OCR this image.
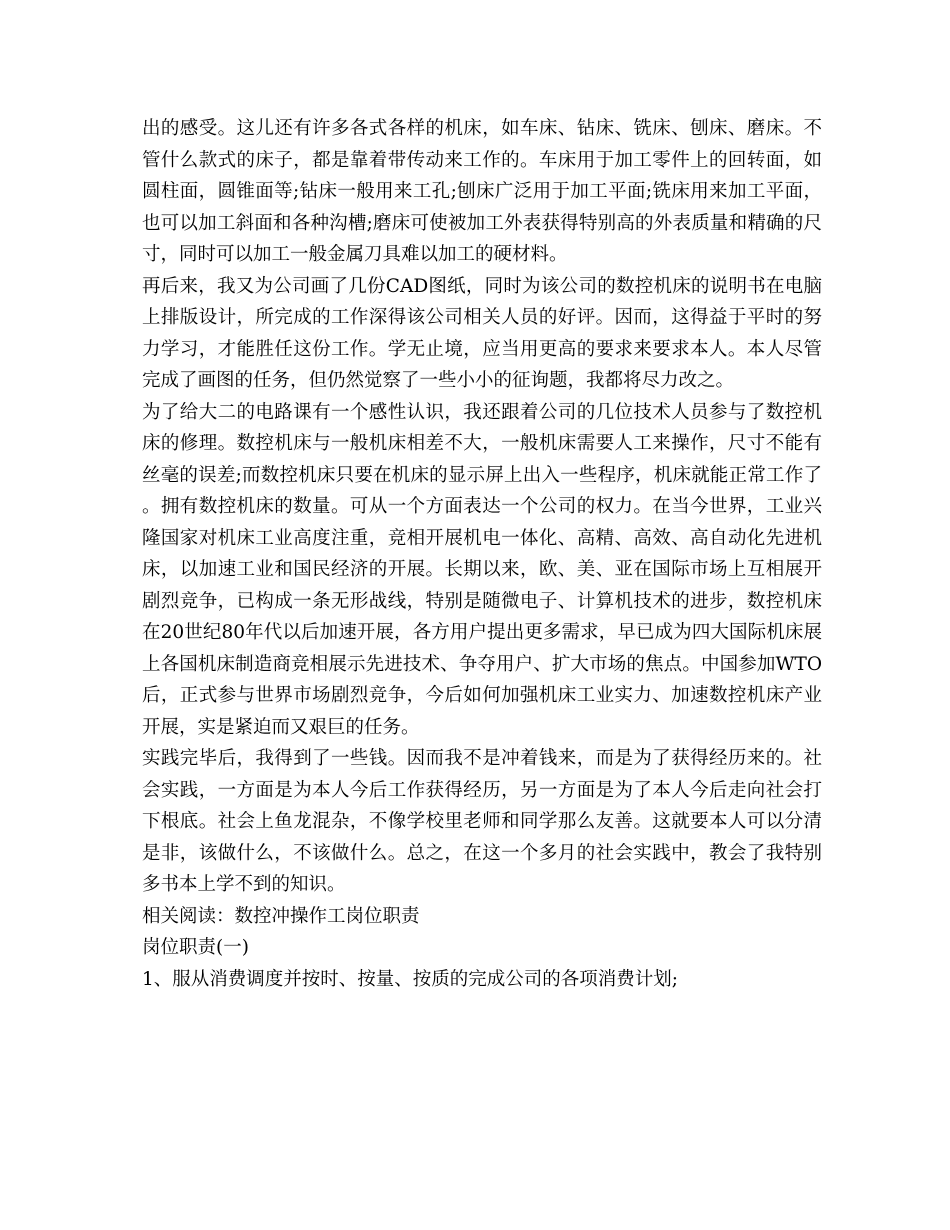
出的感受。这儿还有许多各式各样的机床，如车床、钻床、铣床、刨床、磨床。不管什么款式的床子，都是靠着带传动来工作的。车床用于加工零件上的回转面，如圆柱面，圆锥面等;钻床一般用来工孔;刨床广泛用于加工平面;铣床用来加工平面，也可以加工斜面和各种沟槽;磨床可使被加工外表获得特别高的外表质量和精确的尺寸，同时可以加工一般金属刀具难以加工的硬材料。

再后来，我又为公司画了几份CAD图纸，同时为该公司的数控机床的说明书在电脑上排版设计，所完成的工作深得该公司相关人员的好评。因而，这得益于平时的努力学习，才能胜任这份工作。学无止境，应当用更高的要求来要求本人。本人尽管完成了画图的任务，但仍然觉察了一些小小的征询题，我都将尽力改之。

为了给大二的电路课有一个感性认识，我还跟着公司的几位技术人员参与了数控机床的修理。数控机床与一般机床相差不大，一般机床需要人工来操作，尺寸不能有丝毫的误差;而数控机床只要在机床的显示屏上出入一些程序，机床就能正常工作了。拥有数控机床的数量。可从一个方面表达一个公司的权力。在当今世界，工业兴隆国家对机床工业高度注重，竞相开展机电一体化、高精、高效、高自动化先进机床，以加速工业和国民经济的开展。长期以来，欧、美、亚在国际市场上互相展开剧烈竞争，已构成一条无形战线，特别是随微电子、计算机技术的进步，数控机床在20世纪80年代以后加速开展，各方用户提出更多需求，早已成为四大国际机床展上各国机床制造商竞相展示先进技术、争夺用户、扩大市场的焦点。中国参加WTO后，正式参与世界市场剧烈竞争，今后如何加强机床工业实力、加速数控机床产业开展，实是紧迫而又艰巨的任务。

实践完毕后，我得到了一些钱。因而我不是冲着钱来，而是为了获得经历来的。社会实践，一方面是为本人今后工作获得经历，另一方面是为了本人今后走向社会打下根底。社会上鱼龙混杂，不像学校里老师和同学那么友善。这就要本人可以分清是非，该做什么，不该做什么。总之，在这一个多月的社会实践中，教会了我特别多书本上学不到的知识。

相关阅读：数控冲操作工岗位职责

岗位职责(一)

1、服从消费调度并按时、按量、按质的完成公司的各项消费计划;
